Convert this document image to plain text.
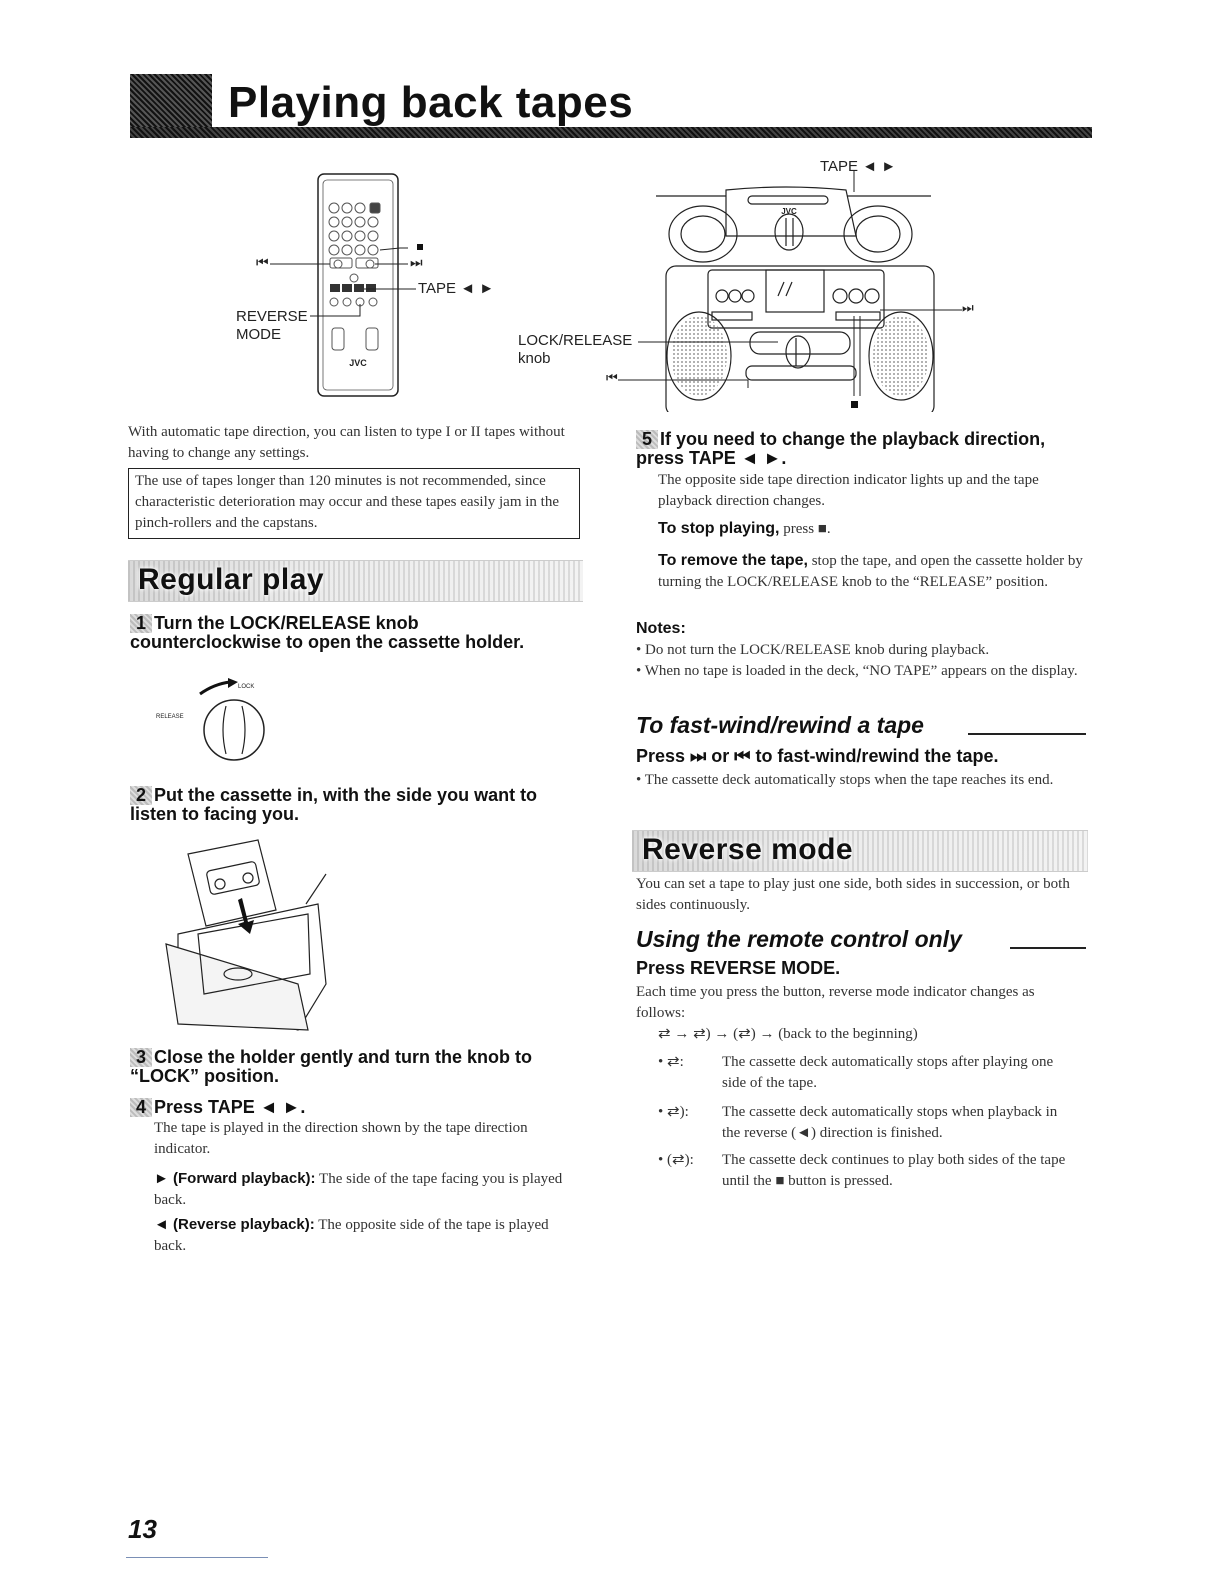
Playing back tapes
JVC
⏮	⏭
TAPE ◄ ►
REVERSE
MODE
TAPE ◄ ►
JVC
LOCK/RELEASE
knob
⏭
⏮
With automatic tape direction, you can listen to type I or II tapes without having to change any settings.
The use of tapes longer than 120 minutes is not recommended, since characteristic deterioration may occur and these tapes easily jam in the pinch-rollers and the capstans.
Regular play
1 Turn the LOCK/RELEASE knob counterclockwise to open the cassette holder.
LOCK
RELEASE
2 Put the cassette in, with the side you want to listen to facing you.
3 Close the holder gently and turn the knob to “LOCK” position.
4 Press TAPE ◄ ►.
The tape is played in the direction shown by the tape direction indicator.
► (Forward playback): The side of the tape facing you is played back.
◄ (Reverse playback): The opposite side of the tape is played back.
5 If you need to change the playback direction, press TAPE ◄ ►.
The opposite side tape direction indicator lights up and the tape playback direction changes.
To stop playing, press ■.
To remove the tape, stop the tape, and open the cassette holder by turning the LOCK/RELEASE knob to the “RELEASE” position.
Notes:
• Do not turn the LOCK/RELEASE knob during playback.
• When no tape is loaded in the deck, “NO TAPE” appears on the display.
To fast-wind/rewind a tape
Press ⏭ or ⏮ to fast-wind/rewind the tape.
• The cassette deck automatically stops when the tape reaches its end.
Reverse mode
You can set a tape to play just one side, both sides in succession, or both sides continuously.
Using the remote control only
Press REVERSE MODE.
Each time you press the button, reverse mode indicator changes as follows:
⇄ → ⇄) → (⇄) → (back to the beginning)
• ⇄:	The cassette deck automatically stops after playing one side of the tape.
• ⇄):	The cassette deck automatically stops when playback in the reverse (◄) direction is finished.
• (⇄):	The cassette deck continues to play both sides of the tape until the ■ button is pressed.
13
